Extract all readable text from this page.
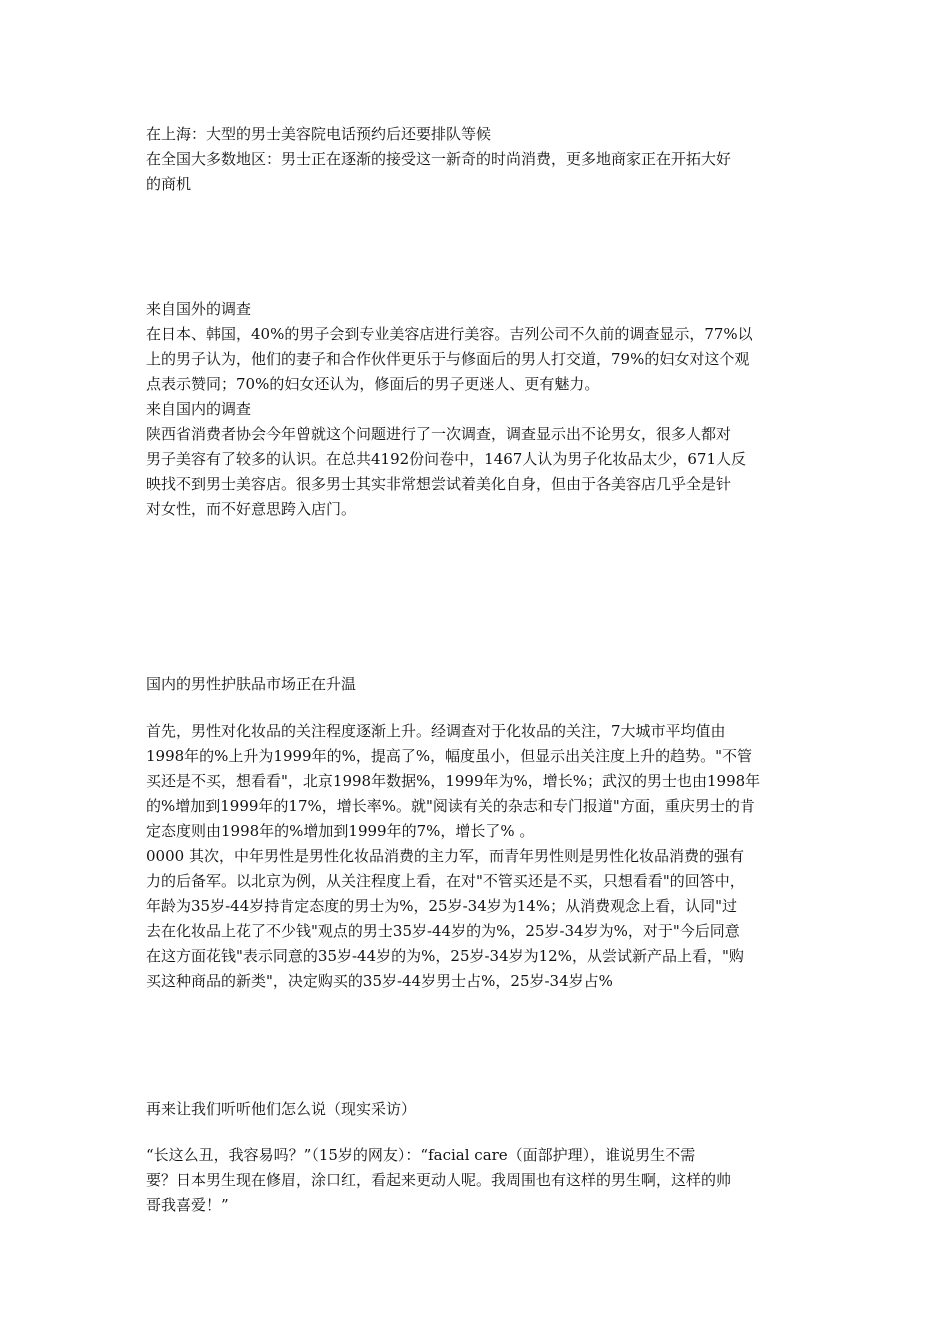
在上海：大型的男士美容院电话预约后还要排队等候
在全国大多数地区：男士正在逐渐的接受这一新奇的时尚消费，更多地商家正在开拓大好
的商机
来自国外的调查
在日本、韩国，40%的男子会到专业美容店进行美容。吉列公司不久前的调查显示，77%以
上的男子认为，他们的妻子和合作伙伴更乐于与修面后的男人打交道，79%的妇女对这个观
点表示赞同；70%的妇女还认为，修面后的男子更迷人、更有魅力。
来自国内的调查
陕西省消费者协会今年曾就这个问题进行了一次调查，调查显示出不论男女，很多人都对
男子美容有了较多的认识。在总共4192份问卷中，1467人认为男子化妆品太少，671人反
映找不到男士美容店。很多男士其实非常想尝试着美化自身，但由于各美容店几乎全是针
对女性，而不好意思跨入店门。
国内的男性护肤品市场正在升温
首先，男性对化妆品的关注程度逐渐上升。经调查对于化妆品的关注，7大城市平均值由
1998年的%上升为1999年的%，提高了%，幅度虽小，但显示出关注度上升的趋势。"不管
买还是不买，想看看"，北京1998年数据%，1999年为%，增长%；武汉的男士也由1998年
的%增加到1999年的17%，增长率%。就"阅读有关的杂志和专门报道"方面，重庆男士的肯
定态度则由1998年的%增加到1999年的7%，增长了% 。
0000 其次，中年男性是男性化妆品消费的主力军，而青年男性则是男性化妆品消费的强有
力的后备军。以北京为例，从关注程度上看，在对"不管买还是不买，只想看看"的回答中，
年龄为35岁-44岁持肯定态度的男士为%，25岁-34岁为14%；从消费观念上看，认同"过
去在化妆品上花了不少钱"观点的男士35岁-44岁的为%，25岁-34岁为%，对于"今后同意
在这方面花钱"表示同意的35岁-44岁的为%，25岁-34岁为12%，从尝试新产品上看，"购
买这种商品的新类"，决定购买的35岁-44岁男士占%，25岁-34岁占%
再来让我们听听他们怎么说（现实采访）
“长这么丑，我容易吗？”（15岁的网友）：“facial care（面部护理），谁说男生不需
要？日本男生现在修眉，涂口红，看起来更动人呢。我周围也有这样的男生啊，这样的帅
哥我喜爱！”
